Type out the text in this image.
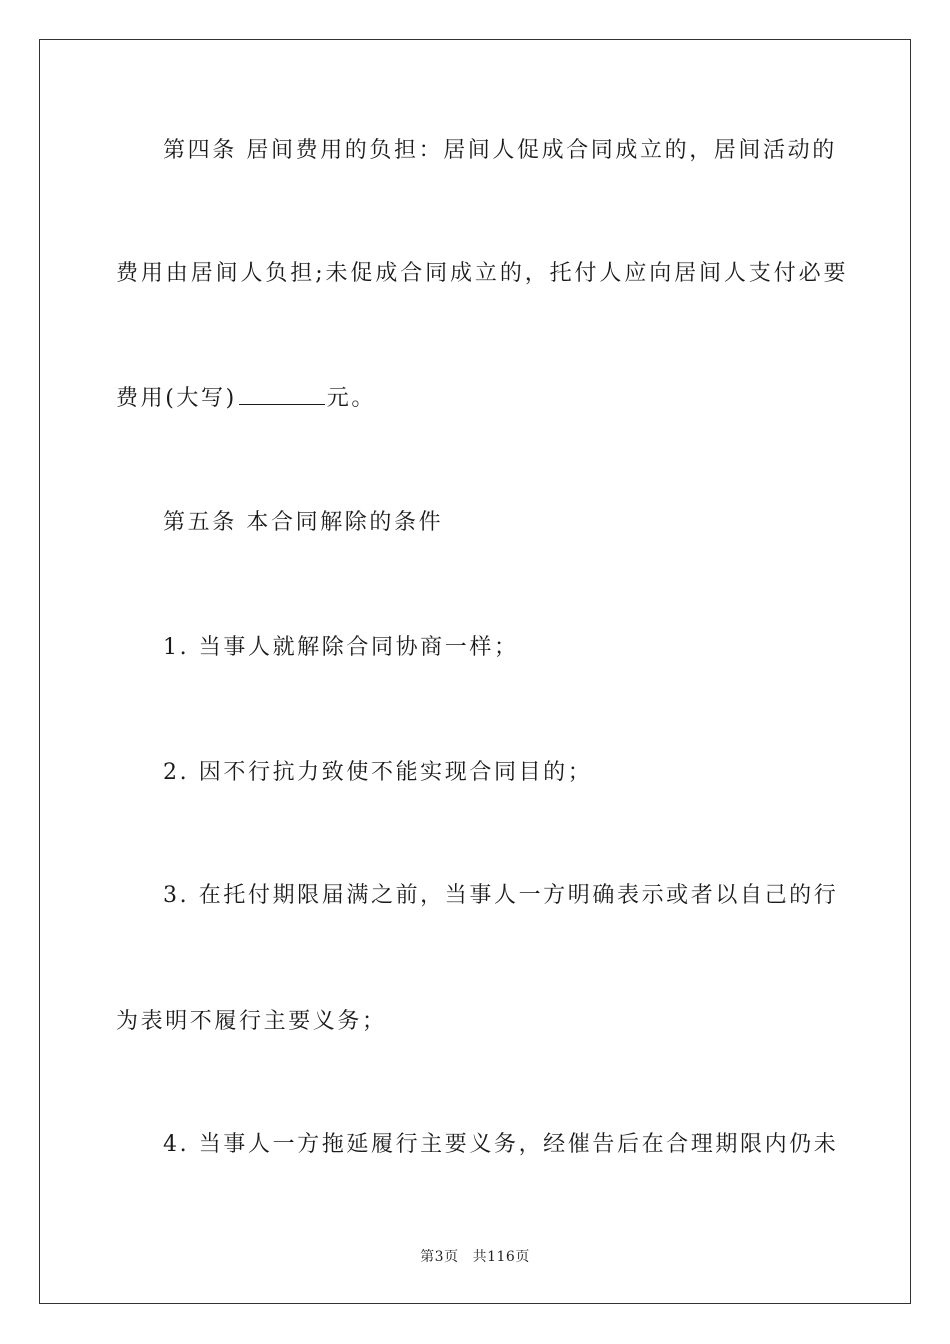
第四条 居间费用的负担：居间人促成合同成立的，居间活动的
费用由居间人负担;未促成合同成立的，托付人应向居间人支付必要
费用(大写)	元。
第五条 本合同解除的条件
1. 当事人就解除合同协商一样；
2. 因不行抗力致使不能实现合同目的；
3. 在托付期限届满之前，当事人一方明确表示或者以自己的行
为表明不履行主要义务；
4. 当事人一方拖延履行主要义务，经催告后在合理期限内仍未
第3页 共116页
